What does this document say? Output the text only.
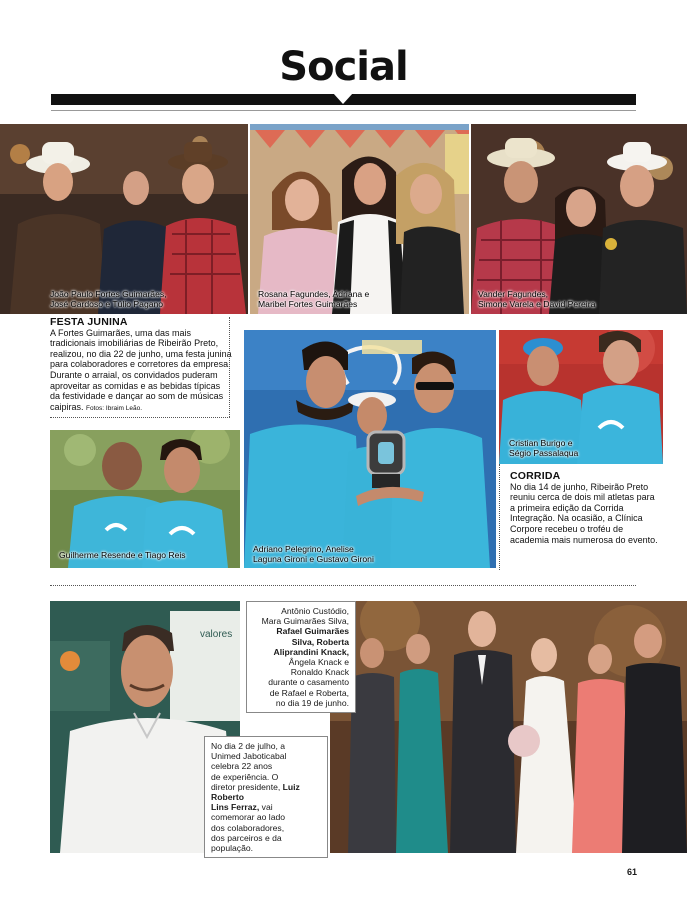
Social
João Paulo Fortes Guimarães,
José Cardoso e Túlio Pagano
Rosana Fagundes, Adriana e
Maribel Fortes Guimarães
Vander Fagundes,
Simone Varela e David Pereira
FESTA JUNINA
A Fortes Guimarães, uma das mais tradicionais imobiliárias de Ribeirão Preto, realizou, no dia 22 de junho, uma festa junina para colaboradores e corretores da empresa. Durante o arraial, os convidados puderam aproveitar as comidas e as bebidas típicas da festividade e dançar ao som de músicas caipiras. Fotos: Ibraim Leão.
Guilherme Resende e Tiago Reis
Adriano Pelegrino, Anelise
Laguna Gironi e Gustavo Gironi
Cristian Burigo e
Ségio Passalaqua
CORRIDA
No dia 14 de junho, Ribeirão Preto reuniu cerca de dois mil atletas para a primeira edição da Corrida Integração. Na ocasião, a Clínica Corpore recebeu o troféu de academia mais numerosa do evento.
valores
No dia 2 de julho, a
Unimed Jaboticabal
celebra 22 anos
de experiência. O
diretor presidente, Luiz Roberto
Lins Ferraz, vai
comemorar ao lado
dos colaboradores,
dos parceiros e da
população.
Antônio Custódio,
Mara Guimarães Silva, Rafael Guimarães
Silva, Roberta
Aliprandini Knack, Ângela Knack e
Ronaldo Knack
durante o casamento
de Rafael e Roberta,
no dia 19 de junho.
61
